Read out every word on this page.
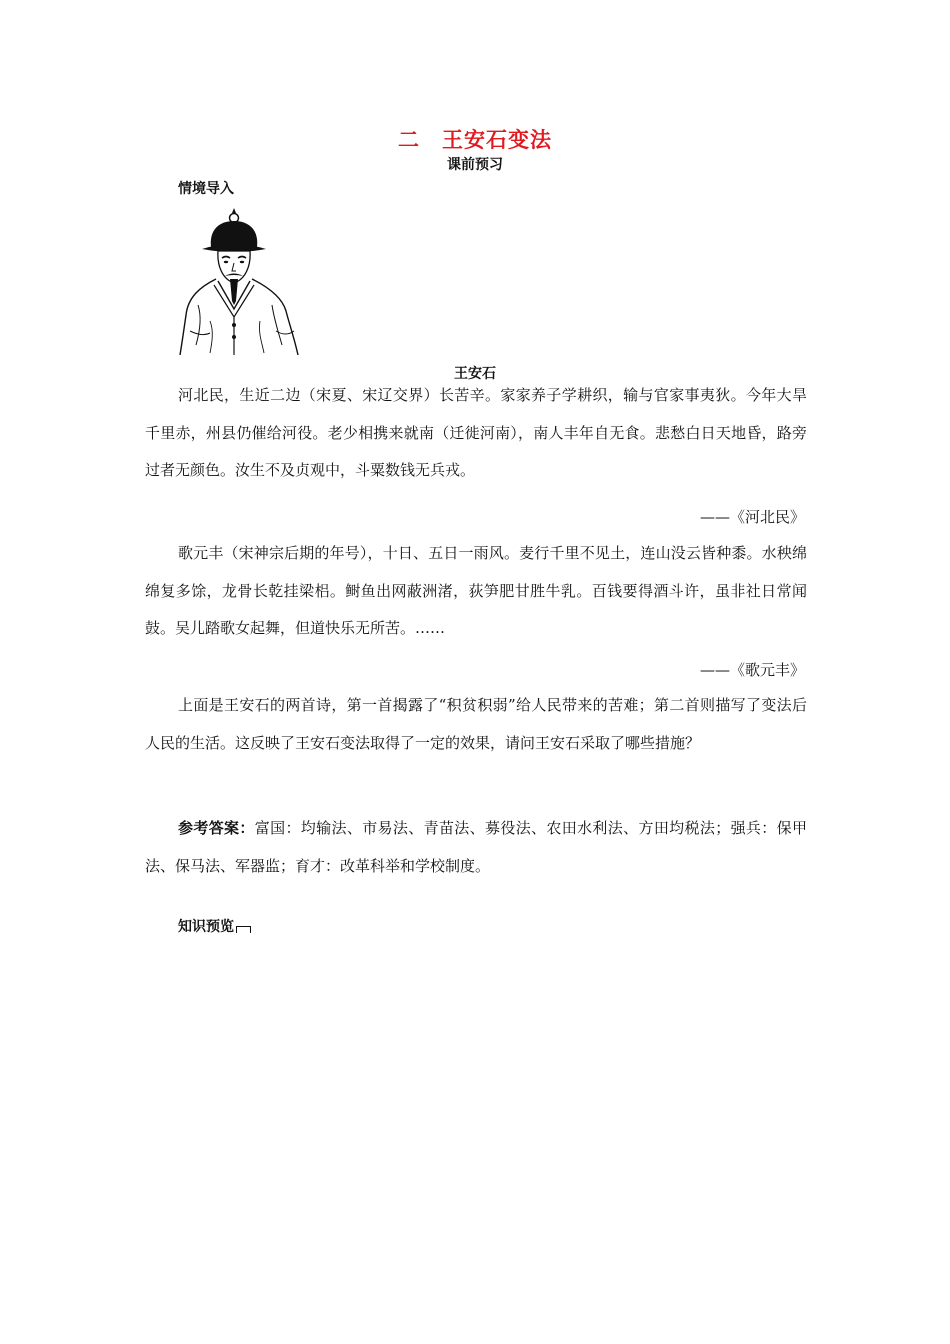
二　王安石变法
课前预习
情境导入
王安石

河北民，生近二边（宋夏、宋辽交界）长苦辛。家家养子学耕织，输与官家事夷狄。今年大旱千里赤，州县仍催给河役。老少相携来就南（迁徙河南），南人丰年自无食。悲愁白日天地昏，路旁过者无颜色。汝生不及贞观中，斗粟数钱无兵戎。

——《河北民》

歌元丰（宋神宗后期的年号），十日、五日一雨风。麦行千里不见土，连山没云皆种黍。水秧绵绵复多馀，龙骨长乾挂梁梠。鲥鱼出网蔽洲渚，荻笋肥甘胜牛乳。百钱要得酒斗许，虽非社日常闻鼓。吴儿踏歌女起舞，但道快乐无所苦。……

——《歌元丰》

上面是王安石的两首诗，第一首揭露了“积贫积弱”给人民带来的苦难；第二首则描写了变法后人民的生活。这反映了王安石变法取得了一定的效果，请问王安石采取了哪些措施？

参考答案：富国：均输法、市易法、青苗法、募役法、农田水利法、方田均税法；强兵：保甲法、保马法、军器监；育才：改革科举和学校制度。

知识预览
